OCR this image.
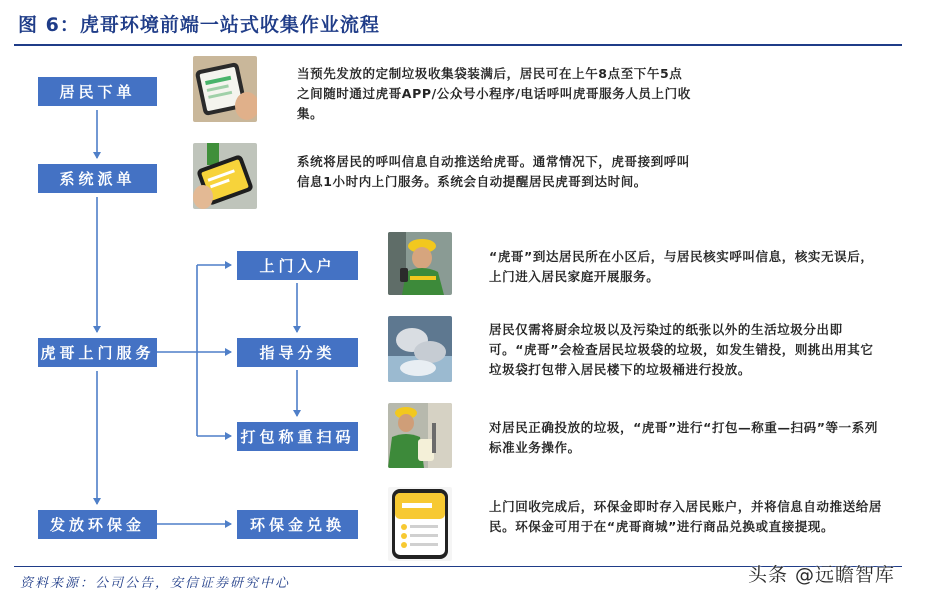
图 6：虎哥环境前端一站式收集作业流程
居民下单
系统派单
虎哥上门服务
发放环保金
上门入户
指导分类
打包称重扫码
环保金兑换
当预先发放的定制垃圾收集袋装满后，居民可在上午8点至下午5点之间随时通过虎哥APP/公众号小程序/电话呼叫虎哥服务人员上门收集。
系统将居民的呼叫信息自动推送给虎哥。通常情况下，虎哥接到呼叫信息1小时内上门服务。系统会自动提醒居民虎哥到达时间。
“虎哥”到达居民所在小区后，与居民核实呼叫信息，核实无误后，上门进入居民家庭开展服务。
居民仅需将厨余垃圾以及污染过的纸张以外的生活垃圾分出即可。“虎哥”会检查居民垃圾袋的垃圾，如发生错投，则挑出用其它垃圾袋打包带入居民楼下的垃圾桶进行投放。
对居民正确投放的垃圾，“虎哥”进行“打包—称重—扫码”等一系列标准业务操作。
上门回收完成后，环保金即时存入居民账户，并将信息自动推送给居民。环保金可用于在“虎哥商城”进行商品兑换或直接提现。
资料来源：公司公告，安信证券研究中心	头条 @远瞻智库
